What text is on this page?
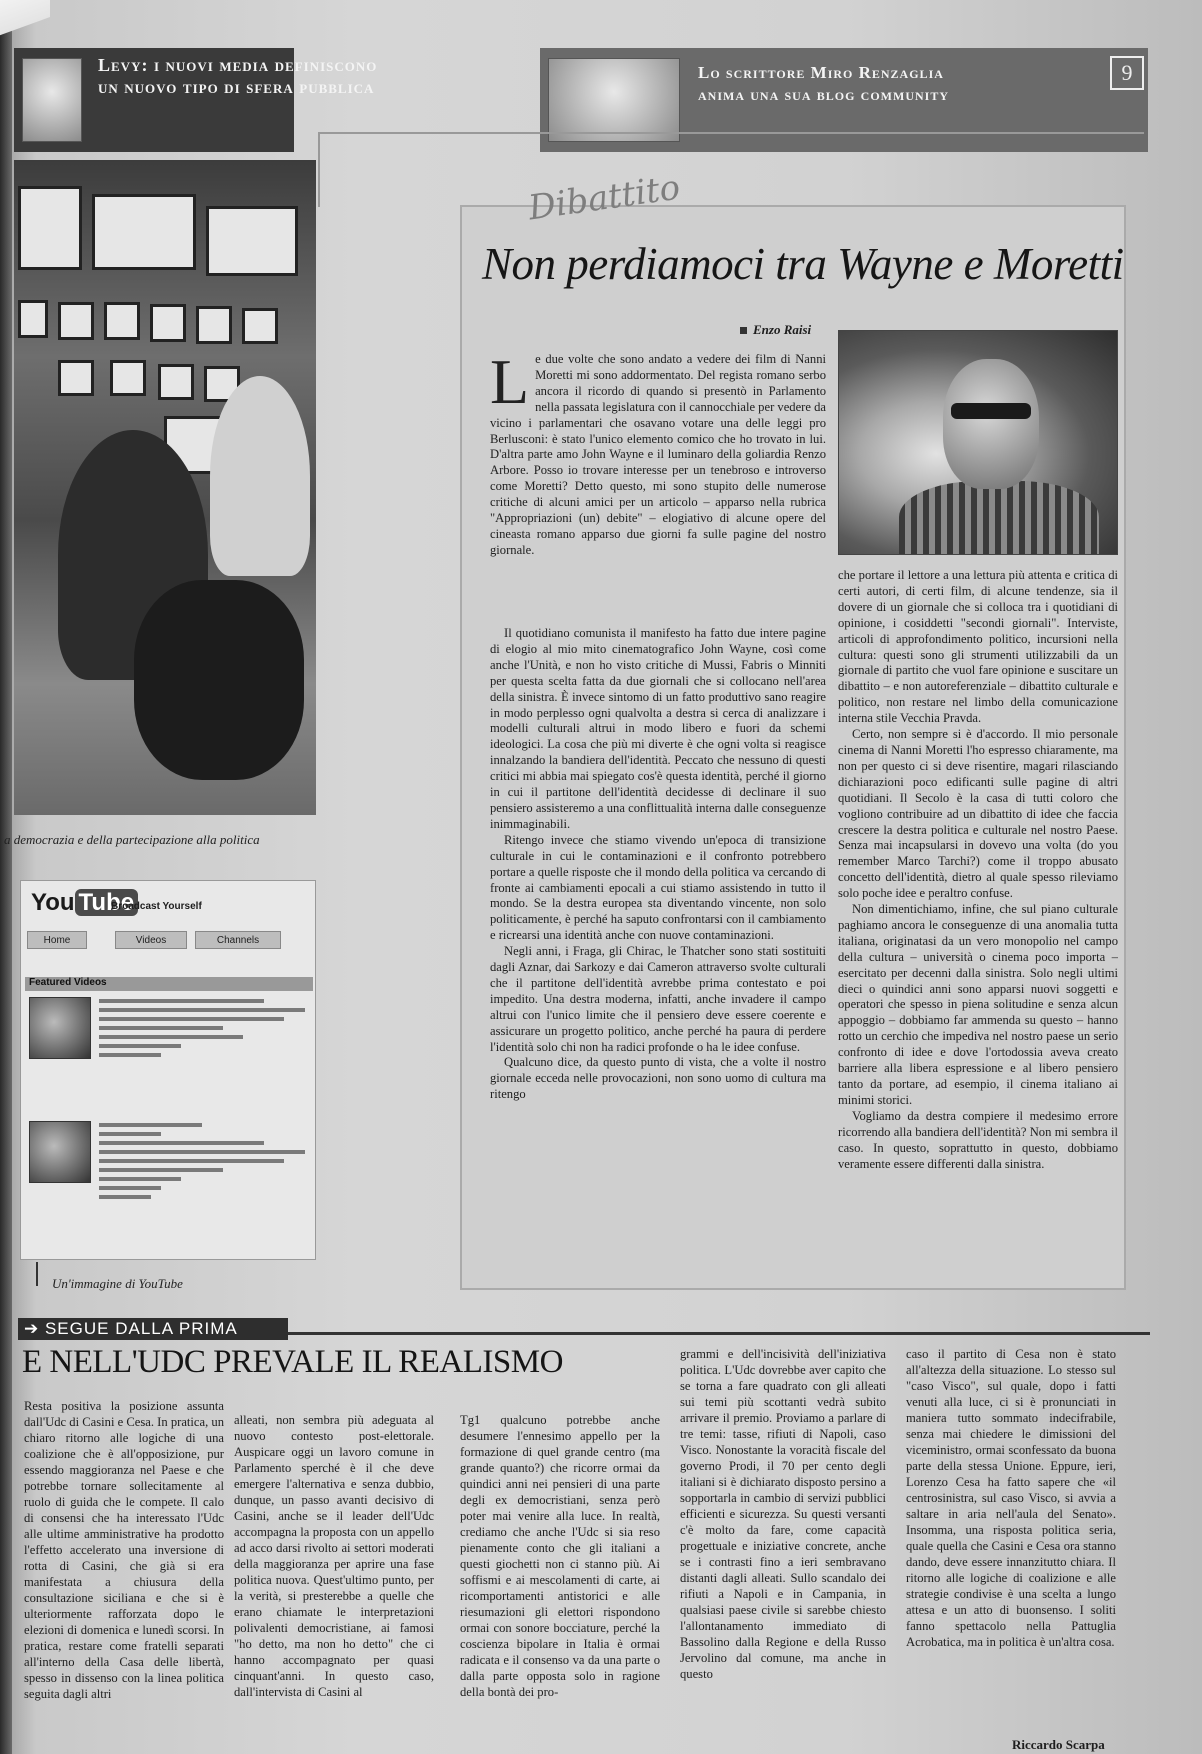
Levy: i nuovi media definiscono
un nuovo tipo di sfera pubblica
Lo scrittore Miro Renzaglia
anima una sua blog community
9
a democrazia e della partecipazione alla politica
You Tube
Broadcast Yourself
Home	Videos	Channels
Featured Videos
Un'immagine di YouTube
Dibattito
Non perdiamoci tra Wayne e Moretti
Enzo Raisi

Le due volte che sono andato a vedere dei film di Nanni Moretti mi sono addormentato. Del regista romano serbo ancora il ricordo di quando si presentò in Parlamento nella passata legislatura con il cannocchiale per vedere da vicino i parlamentari che osavano votare una delle leggi pro Berlusconi: è stato l'unico elemento comico che ho trovato in lui. D'altra parte amo John Wayne e il luminaro della goliardia Renzo Arbore. Posso io trovare interesse per un tenebroso e introverso come Moretti? Detto questo, mi sono stupito delle numerose critiche di alcuni amici per un articolo – apparso nella rubrica "Appropriazioni (un) debite" – elogiativo di alcune opere del cineasta romano apparso due giorni fa sulle pagine del nostro giornale.

Il quotidiano comunista il manifesto ha fatto due intere pagine di elogio al mio mito cinematografico John Wayne, così come anche l'Unità, e non ho visto critiche di Mussi, Fabris o Minniti per questa scelta fatta da due giornali che si collocano nell'area della sinistra. È invece sintomo di un fatto produttivo sano reagire in modo perplesso ogni qualvolta a destra si cerca di analizzare i modelli culturali altrui in modo libero e fuori da schemi ideologici. La cosa che più mi diverte è che ogni volta si reagisce innalzando la bandiera dell'identità. Peccato che nessuno di questi critici mi abbia mai spiegato cos'è questa identità, perché il giorno in cui il partitone dell'identità decidesse di declinare il suo pensiero assisteremo a una conflittualità interna dalle conseguenze inimmaginabili.

Ritengo invece che stiamo vivendo un'epoca di transizione culturale in cui le contaminazioni e il confronto potrebbero portare a quelle risposte che il mondo della politica va cercando di fronte ai cambiamenti epocali a cui stiamo assistendo in tutto il mondo. Se la destra europea sta diventando vincente, non solo politicamente, è perché ha saputo confrontarsi con il cambiamento e ricrearsi una identità anche con nuove contaminazioni.

Negli anni, i Fraga, gli Chirac, le Thatcher sono stati sostituiti dagli Aznar, dai Sarkozy e dai Cameron attraverso svolte culturali che il partitone dell'identità avrebbe prima contestato e poi impedito. Una destra moderna, infatti, anche invadere il campo altrui con l'unico limite che il pensiero deve essere coerente e assicurare un progetto politico, anche perché ha paura di perdere l'identità solo chi non ha radici profonde o ha le idee confuse.

Qualcuno dice, da questo punto di vista, che a volte il nostro giornale ecceda nelle provocazioni, non sono uomo di cultura ma ritengo

che portare il lettore a una lettura più attenta e critica di certi autori, di certi film, di alcune tendenze, sia il dovere di un giornale che si colloca tra i quotidiani di opinione, i cosiddetti "secondi giornali". Interviste, articoli di approfondimento politico, incursioni nella cultura: questi sono gli strumenti utilizzabili da un giornale di partito che vuol fare opinione e suscitare un dibattito – e non autoreferenziale – dibattito culturale e politico, non restare nel limbo della comunicazione interna stile Vecchia Pravda.

Certo, non sempre si è d'accordo. Il mio personale cinema di Nanni Moretti l'ho espresso chiaramente, ma non per questo ci si deve risentire, magari rilasciando dichiarazioni poco edificanti sulle pagine di altri quotidiani. Il Secolo è la casa di tutti coloro che vogliono contribuire ad un dibattito di idee che faccia crescere la destra politica e culturale nel nostro Paese. Senza mai incapsularsi in dovevo una volta (do you remember Marco Tarchi?) come il troppo abusato concetto dell'identità, dietro al quale spesso rileviamo solo poche idee e peraltro confuse.

Non dimentichiamo, infine, che sul piano culturale paghiamo ancora le conseguenze di una anomalia tutta italiana, originatasi da un vero monopolio nel campo della cultura – università o cinema poco importa – esercitato per decenni dalla sinistra. Solo negli ultimi dieci o quindici anni sono apparsi nuovi soggetti e operatori che spesso in piena solitudine e senza alcun appoggio – dobbiamo far ammenda su questo – hanno rotto un cerchio che impediva nel nostro paese un serio confronto di idee e dove l'ortodossia aveva creato barriere alla libera espressione e al libero pensiero tanto da portare, ad esempio, il cinema italiano ai minimi storici.

Vogliamo da destra compiere il medesimo errore ricorrendo alla bandiera dell'identità? Non mi sembra il caso. In questo, soprattutto in questo, dobbiamo veramente essere differenti dalla sinistra.

➔ SEGUE DALLA PRIMA
E NELL'UDC PREVALE IL REALISMO

Resta positiva la posizione assunta dall'Udc di Casini e Cesa. In pratica, un chiaro ritorno alle logiche di una coalizione che è all'opposizione, pur essendo maggioranza nel Paese e che potrebbe tornare sollecitamente al ruolo di guida che le compete. Il calo di consensi che ha interessato l'Udc alle ultime amministrative ha prodotto l'effetto accelerato una inversione di rotta di Casini, che già si era manifestata a chiusura della consultazione siciliana e che si è ulteriormente rafforzata dopo le elezioni di domenica e lunedì scorsi. In pratica, restare come fratelli separati all'interno della Casa delle libertà, spesso in dissenso con la linea politica seguita dagli altri

alleati, non sembra più adeguata al nuovo contesto post-elettorale. Auspicare oggi un lavoro comune in Parlamento sperché è il che deve emergere l'alternativa e senza dubbio, dunque, un passo avanti decisivo di Casini, anche se il leader dell'Udc accompagna la proposta con un appello ad acco darsi rivolto ai settori moderati della maggioranza per aprire una fase politica nuova. Quest'ultimo punto, per la verità, si presterebbe a quelle che erano chiamate le interpretazioni polivalenti democristiane, ai famosi "ho detto, ma non ho detto" che ci hanno accompagnato per quasi cinquant'anni. In questo caso, dall'intervista di Casini al

Tg1 qualcuno potrebbe anche desumere l'ennesimo appello per la formazione di quel grande centro (ma grande quanto?) che ricorre ormai da quindici anni nei pensieri di una parte degli ex democristiani, senza però poter mai venire alla luce. In realtà, crediamo che anche l'Udc si sia reso pienamente conto che gli italiani a questi giochetti non ci stanno più. Ai soffismi e ai mescolamenti di carte, ai ricomportamenti antistorici e alle riesumazioni gli elettori rispondono ormai con sonore bocciature, perché la coscienza bipolare in Italia è ormai radicata e il consenso va da una parte o dalla parte opposta solo in ragione della bontà dei pro-

grammi e dell'incisività dell'iniziativa politica. L'Udc dovrebbe aver capito che se torna a fare quadrato con gli alleati sui temi più scottanti vedrà subito arrivare il premio. Proviamo a parlare di tre temi: tasse, rifiuti di Napoli, caso Visco. Nonostante la voracità fiscale del governo Prodi, il 70 per cento degli italiani si è dichiarato disposto persino a sopportarla in cambio di servizi pubblici efficienti e sicurezza. Su questi versanti c'è molto da fare, come capacità progettuale e iniziative concrete, anche se i contrasti fino a ieri sembravano distanti dagli alleati. Sullo scandalo dei rifiuti a Napoli e in Campania, in qualsiasi paese civile si sarebbe chiesto l'allontanamento immediato di Bassolino dalla Regione e della Russo Jervolino dal comune, ma anche in questo

caso il partito di Cesa non è stato all'altezza della situazione. Lo stesso sul "caso Visco", sul quale, dopo i fatti venuti alla luce, ci si è pronunciati in maniera tutto sommato indecifrabile, senza mai chiedere le dimissioni del viceministro, ormai sconfessato da buona parte della stessa Unione. Eppure, ieri, Lorenzo Cesa ha fatto sapere che «il centrosinistra, sul caso Visco, si avvia a saltare in aria nell'aula del Senato». Insomma, una risposta politica seria, quale quella che Casini e Cesa ora stanno dando, deve essere innanzitutto chiara. Il ritorno alle logiche di coalizione e alle strategie condivise è una scelta a lungo attesa e un atto di buonsenso. I soliti fanno spettacolo nella Pattuglia Acrobatica, ma in politica è un'altra cosa.

Riccardo Scarpa
